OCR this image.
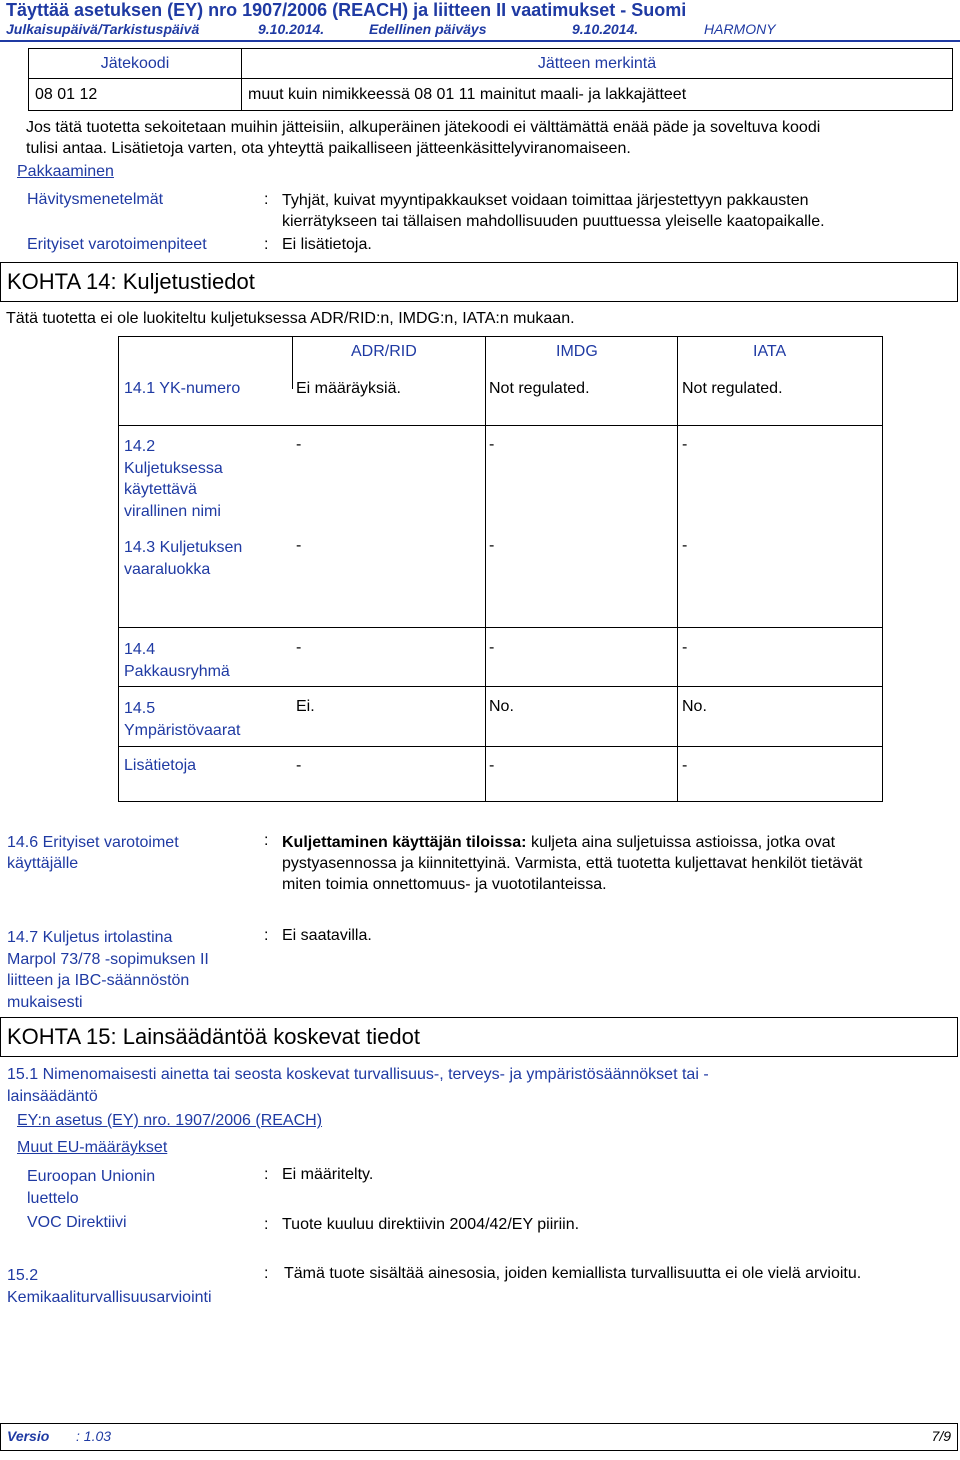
Täyttää asetuksen (EY) nro 1907/2006 (REACH) ja liitteen II vaatimukset - Suomi
Julkaisupäivä/Tarkistuspäivä	9.10.2014.	Edellinen päiväys	9.10.2014.	HARMONY
Jätekoodi	Jätteen merkintä
08 01 12	muut kuin nimikkeessä 08 01 11 mainitut maali- ja lakkajätteet
Jos tätä tuotetta sekoitetaan muihin jätteisiin, alkuperäinen jätekoodi ei välttämättä enää päde ja soveltuva koodi
tulisi antaa. Lisätietoja varten, ota yhteyttä paikalliseen jätteenkäsittelyviranomaiseen.
Pakkaaminen
Hävitysmenetelmät	: Tyhjät, kuivat myyntipakkaukset voidaan toimittaa järjestettyyn pakkausten
kierrätykseen tai tällaisen mahdollisuuden puuttuessa yleiselle kaatopaikalle.
Erityiset varotoimenpiteet	: Ei lisätietoja.
KOHTA 14: Kuljetustiedot
Tätä tuotetta ei ole luokiteltu kuljetuksessa ADR/RID:n, IMDG:n, IATA:n mukaan.
ADR/RID	IMDG	IATA
14.1 YK-numero	Ei määräyksiä.	Not regulated.	Not regulated.
14.2
Kuljetuksessa
käytettävä
virallinen nimi
-	-	-
14.3 Kuljetuksen
vaaraluokka
-	-	-
14.4
Pakkausryhmä
-	-	-
14.5
Ympäristövaarat
Ei.	No.	No.
Lisätietoja	-	-	-
14.6 Erityiset varotoimet
käyttäjälle
: Kuljettaminen käyttäjän tiloissa: kuljeta aina suljetuissa astioissa, jotka ovat
pystyasennossa ja kiinnitettyinä. Varmista, että tuotetta kuljettavat henkilöt tietävät
miten toimia onnettomuus- ja vuototilanteissa.
14.7 Kuljetus irtolastina
Marpol 73/78 -sopimuksen II
liitteen ja IBC-säännöstön
mukaisesti
: Ei saatavilla.
KOHTA 15: Lainsäädäntöä koskevat tiedot
15.1 Nimenomaisesti ainetta tai seosta koskevat turvallisuus-, terveys- ja ympäristösäännökset tai -
lainsäädäntö
EY:n asetus (EY) nro. 1907/2006 (REACH)
Muut EU-määräykset
Euroopan Unionin
luettelo
: Ei määritelty.
VOC Direktiivi	: Tuote kuuluu direktiivin 2004/42/EY piiriin.
15.2
Kemikaaliturvallisuusarviointi
: Tämä tuote sisältää ainesosia, joiden kemiallista turvallisuutta ei ole vielä arvioitu.
Versio : 1.03	7/9
